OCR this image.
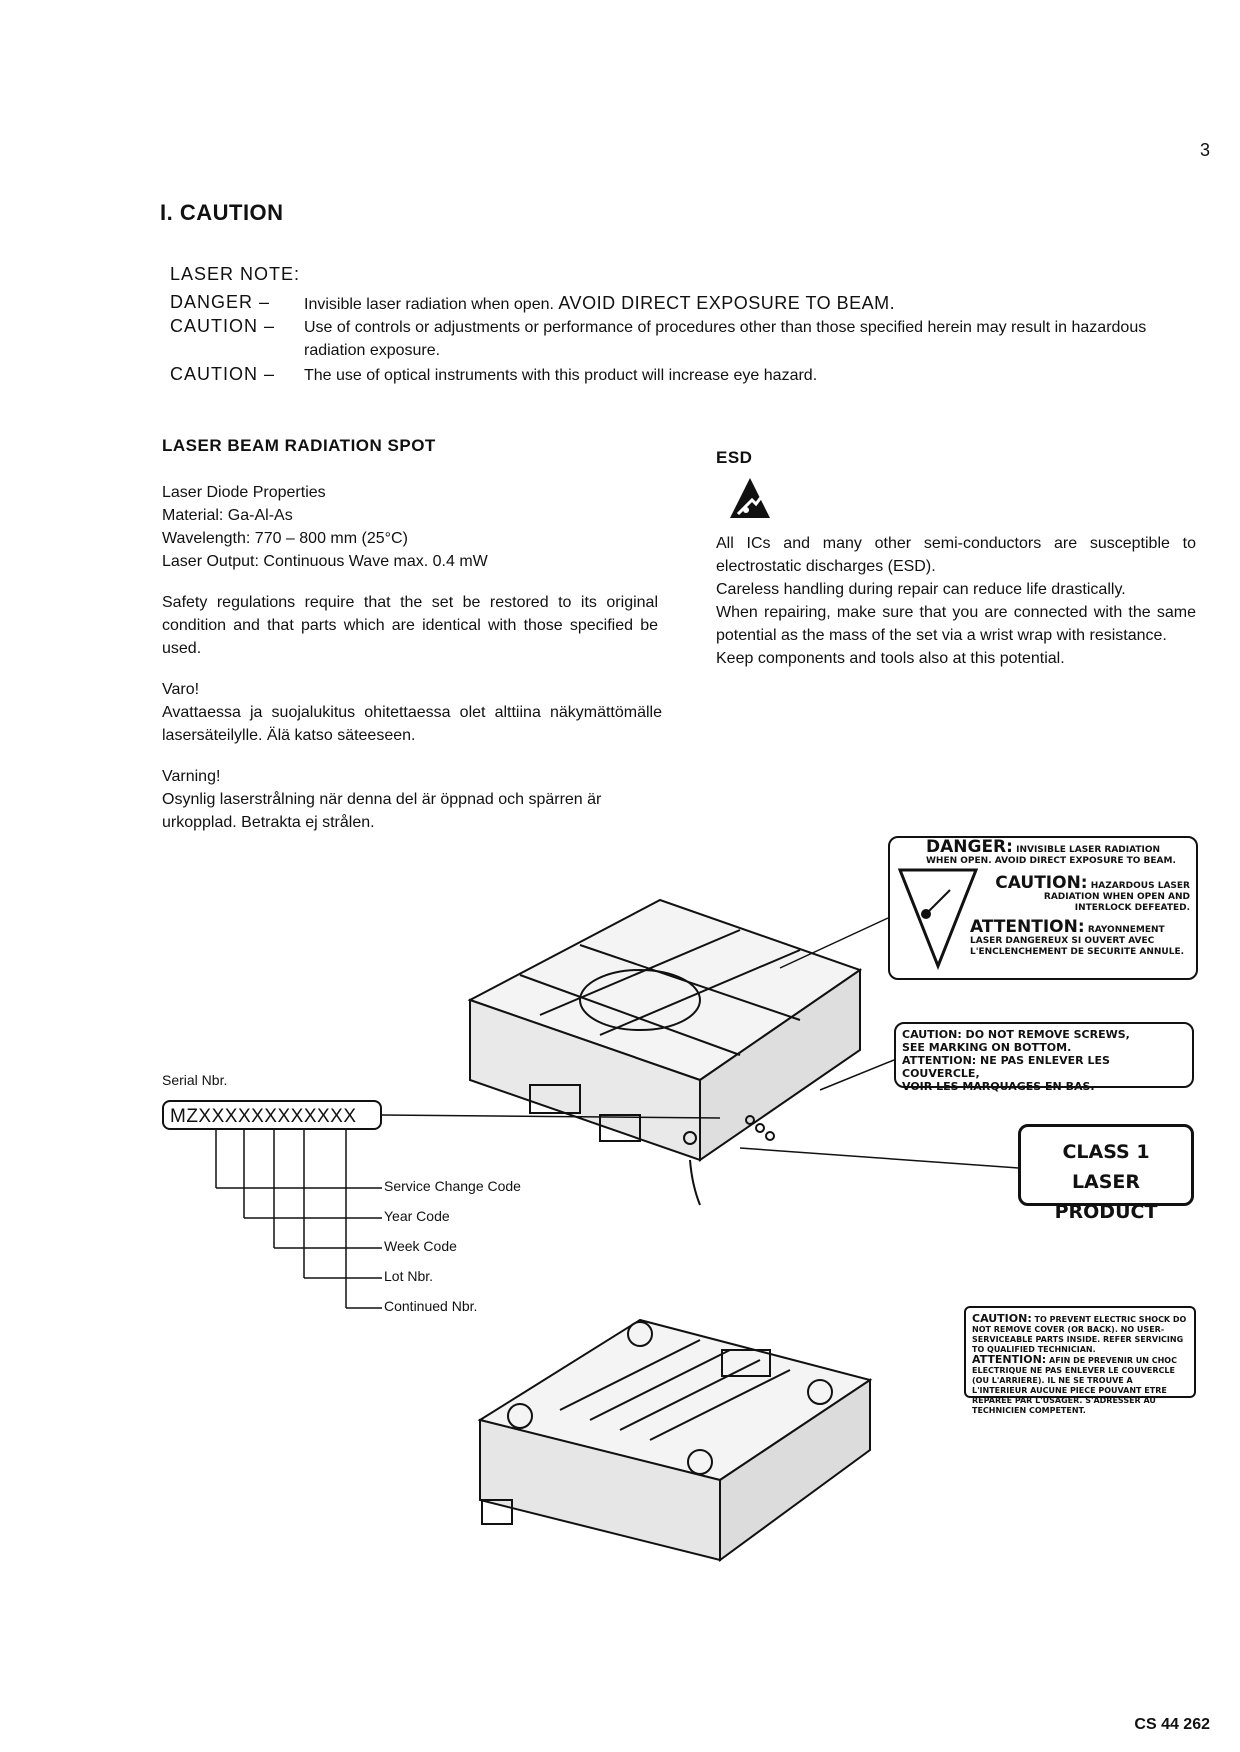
3
I. CAUTION
LASER NOTE:
DANGER –	Invisible laser radiation when open. AVOID DIRECT EXPOSURE TO BEAM.
CAUTION –	Use of controls or adjustments or performance of procedures other than those specified herein may result in hazardous radiation exposure.
CAUTION –	The use of optical instruments with this product will increase eye hazard.
LASER BEAM RADIATION SPOT
Laser Diode Properties
Material: Ga-Al-As
Wavelength: 770 – 800 mm (25°C)
Laser Output: Continuous Wave max. 0.4 mW
Safety regulations require that the set be restored to its original condition and that parts which are identical with those specified be used.
Varo!
Avattaessa ja suojalukitus ohitettaessa olet alttiina näkymättömälle lasersäteilylle. Älä katso säteeseen.
Varning!
Osynlig laserstrålning när denna del är öppnad och spärren är urkopplad. Betrakta ej strålen.
ESD
All ICs and many other semi-conductors are susceptible to electrostatic discharges (ESD).
Careless handling during repair can reduce life drastically.
When repairing, make sure that you are connected with the same potential as the mass of the set via a wrist wrap with resistance.
Keep components and tools also at this potential.
DANGER: INVISIBLE LASER RADIATION WHEN OPEN. AVOID DIRECT EXPOSURE TO BEAM.
CAUTION: HAZARDOUS LASER RADIATION WHEN OPEN AND INTERLOCK DEFEATED.
ATTENTION: RAYONNEMENT LASER DANGEREUX SI OUVERT AVEC L'ENCLENCHEMENT DE SECURITE ANNULE.
CAUTION: DO NOT REMOVE SCREWS,
SEE MARKING ON BOTTOM.
ATTENTION: NE PAS ENLEVER LES COUVERCLE,
VOIR LES MARQUAGES EN BAS.
CLASS 1
LASER PRODUCT
CAUTION: TO PREVENT ELECTRIC SHOCK DO NOT REMOVE COVER (OR BACK). NO USER-SERVICEABLE PARTS INSIDE. REFER SERVICING TO QUALIFIED TECHNICIAN.
ATTENTION: AFIN DE PREVENIR UN CHOC ELECTRIQUE NE PAS ENLEVER LE COUVERCLE (OU L'ARRIERE). IL NE SE TROUVE A L'INTERIEUR AUCUNE PIECE POUVANT ETRE REPAREE PAR L'USAGER. S'ADRESSER AU TECHNICIEN COMPETENT.
Serial Nbr.
MZXXXXXXXXXXXX
Service Change Code
Year Code
Week Code
Lot Nbr.
Continued Nbr.
CS 44 262
